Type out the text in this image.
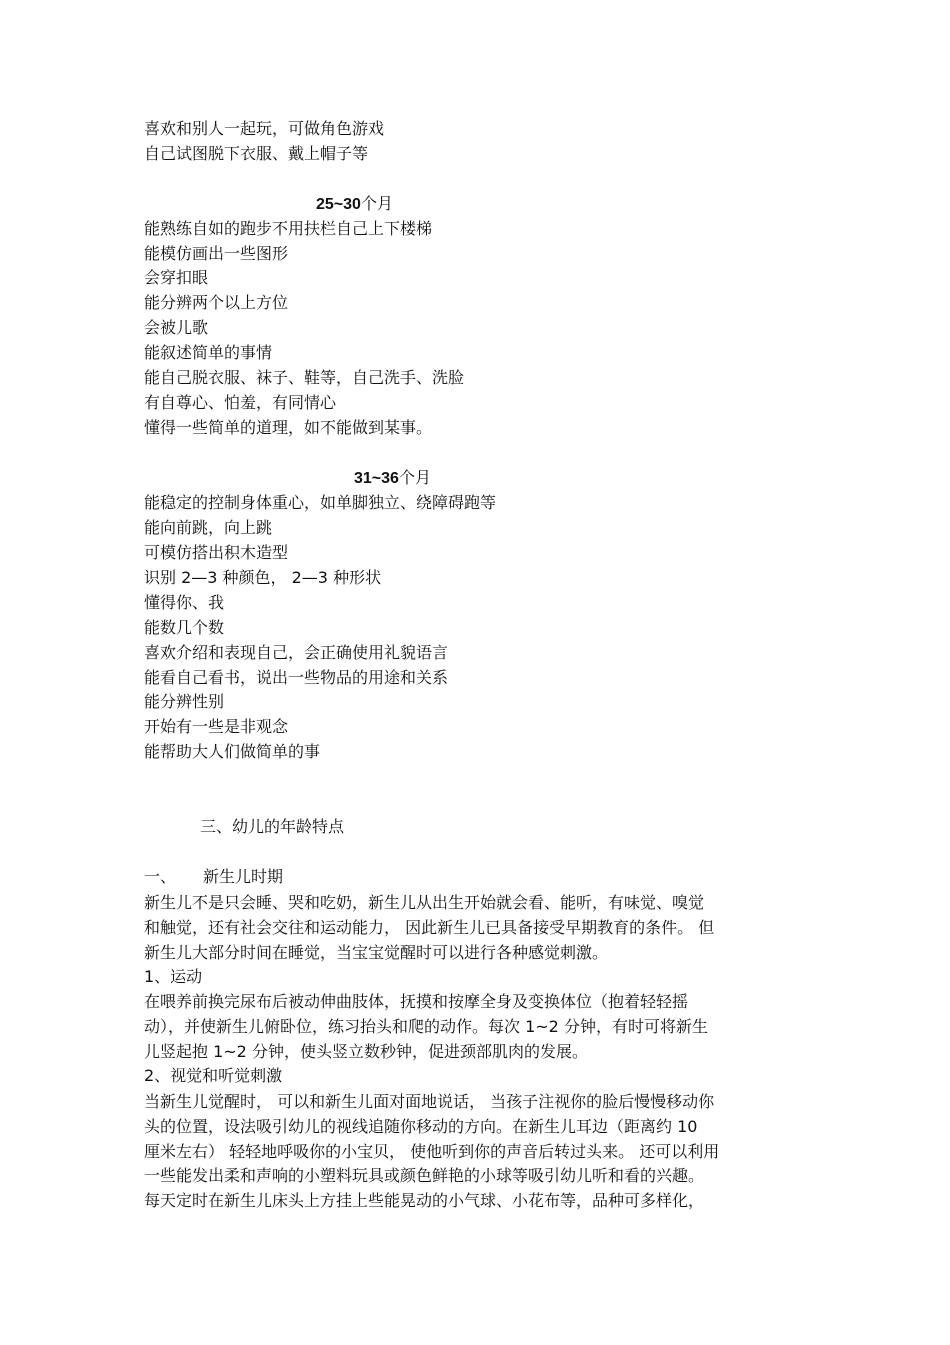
喜欢和别人一起玩，可做角色游戏
自己试图脱下衣服、戴上帽子等
25~30个月
能熟练自如的跑步不用扶栏自己上下楼梯
能模仿画出一些图形
会穿扣眼
能分辨两个以上方位
会被儿歌
能叙述简单的事情
能自己脱衣服、袜子、鞋等，自己洗手、洗脸
有自尊心、怕羞，有同情心
懂得一些简单的道理，如不能做到某事。
31~36个月
能稳定的控制身体重心，如单脚独立、绕障碍跑等
能向前跳，向上跳
可模仿搭出积木造型
识别 2—3 种颜色， 2—3 种形状
懂得你、我
能数几个数
喜欢介绍和表现自己，会正确使用礼貌语言
能看自己看书，说出一些物品的用途和关系
能分辨性别
开始有一些是非观念
能帮助大人们做简单的事
三、幼儿的年龄特点
一、 新生儿时期
新生儿不是只会睡、哭和吃奶，新生儿从出生开始就会看、能听，有味觉、嗅觉
和触觉，还有社会交往和运动能力， 因此新生儿已具备接受早期教育的条件。 但
新生儿大部分时间在睡觉，当宝宝觉醒时可以进行各种感觉刺激。
1、运动
在喂养前换完尿布后被动伸曲肢体，抚摸和按摩全身及变换体位（抱着轻轻摇
动），并使新生儿俯卧位，练习抬头和爬的动作。每次 1~2 分钟，有时可将新生
儿竖起抱 1~2 分钟，使头竖立数秒钟，促进颈部肌肉的发展。
2、视觉和听觉刺激
当新生儿觉醒时， 可以和新生儿面对面地说话， 当孩子注视你的脸后慢慢移动你
头的位置，设法吸引幼儿的视线追随你移动的方向。在新生儿耳边（距离约 10
厘米左右） 轻轻地呼吸你的小宝贝， 使他听到你的声音后转过头来。 还可以利用
一些能发出柔和声响的小塑料玩具或颜色鲜艳的小球等吸引幼儿听和看的兴趣。
每天定时在新生儿床头上方挂上些能晃动的小气球、小花布等，品种可多样化，
